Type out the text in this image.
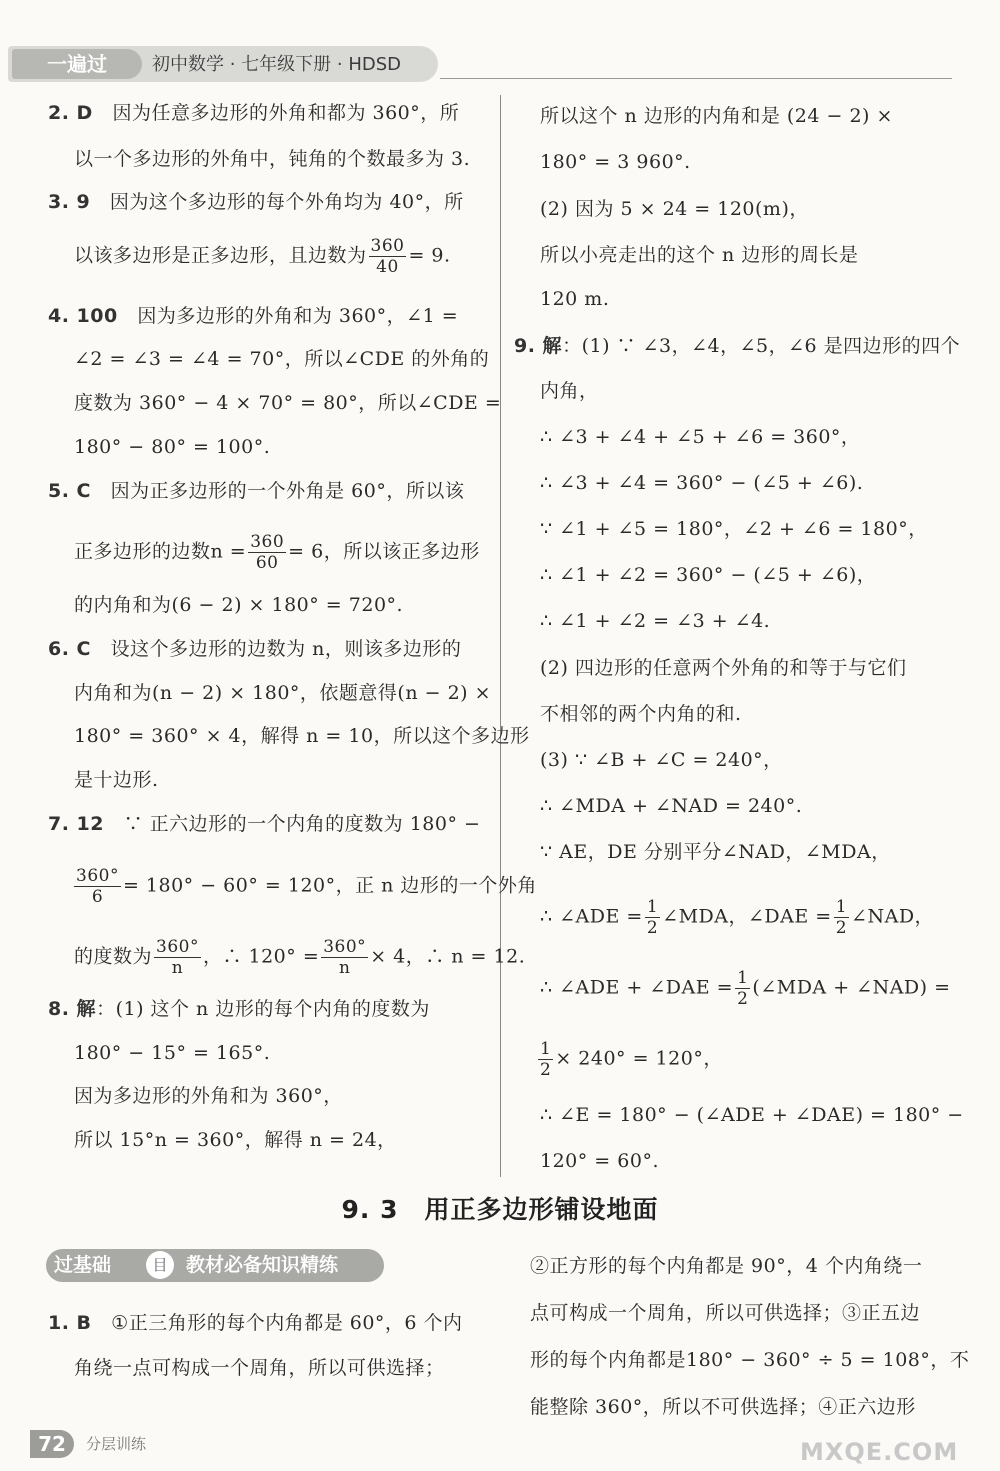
一遍过	初中数学 · 七年级下册 · HDSD
2. D 因为任意多边形的外角和都为 360°，所
以一个多边形的外角中，钝角的个数最多为 3.
3. 9 因为这个多边形的每个外角均为 40°，所
以该多边形是正多边形，且边数为 $\frac{360}{40} = 9$.
4. 100 因为多边形的外角和为 360°，∠1 =
∠2 = ∠3 = ∠4 = 70°，所以∠CDE 的外角的
度数为 360° − 4 × 70° = 80°，所以∠CDE =
180° − 80° = 100°.
5. C 因为正多边形的一个外角是 60°，所以该
正多边形的边数$n = \frac{360}{60} = 6$，所以该正多边形
的内角和为(6 − 2) × 180° = 720°.
6. C 设这个多边形的边数为 n，则该多边形的
内角和为(n − 2) × 180°，依题意得(n − 2) ×
180° = 360° × 4，解得 n = 10，所以这个多边形
是十边形.
7. 12 ∵ 正六边形的一个内角的度数为 180° −
$\frac{360^\circ}{6} = 180^\circ - 60^\circ = 120^\circ$，正 n 边形的一个外角
的度数为 $\frac{360^\circ}{n}$ ，∴ $120^\circ = \frac{360^\circ}{n} \times 4$，∴ n = 12.
8. 解：(1) 这个 n 边形的每个内角的度数为
180° − 15° = 165°.
因为多边形的外角和为 360°，
所以 15°n = 360°，解得 n = 24，
所以这个 n 边形的内角和是 (24 − 2) ×
180° = 3 960°.
(2) 因为 5 × 24 = 120(m)，
所以小亮走出的这个 n 边形的周长是
120 m.
9. 解：(1) ∵ ∠3，∠4，∠5，∠6 是四边形的四个
内角，
∴ ∠3 + ∠4 + ∠5 + ∠6 = 360°，
∴ ∠3 + ∠4 = 360° − (∠5 + ∠6).
∵ ∠1 + ∠5 = 180°，∠2 + ∠6 = 180°，
∴ ∠1 + ∠2 = 360° − (∠5 + ∠6)，
∴ ∠1 + ∠2 = ∠3 + ∠4.
(2) 四边形的任意两个外角的和等于与它们
不相邻的两个内角的和.
(3) ∵ ∠B + ∠C = 240°，
∴ ∠MDA + ∠NAD = 240°.
∵ AE，DE 分别平分∠NAD，∠MDA，
∴ ∠ADE = $\frac{1}{2}$ ∠MDA，∠DAE = $\frac{1}{2}$ ∠NAD，
∴ ∠ADE + ∠DAE = $\frac{1}{2}$ (∠MDA + ∠NAD) =
$\frac{1}{2} \times 240^\circ = 120^\circ$，
∴ ∠E = 180° − (∠ADE + ∠DAE) = 180° −
120° = 60°.
9. 3　用正多边形铺设地面
过基础	目 教材必备知识精练
1. B ①正三角形的每个内角都是 60°，6 个内
角绕一点可构成一个周角，所以可供选择；
②正方形的每个内角都是 90°，4 个内角绕一
点可构成一个周角，所以可供选择；③正五边
形的每个内角都是180° − 360° ÷ 5 = 108°，不
能整除 360°，所以不可供选择；④正六边形
72	分层训练	MXQE.COM
